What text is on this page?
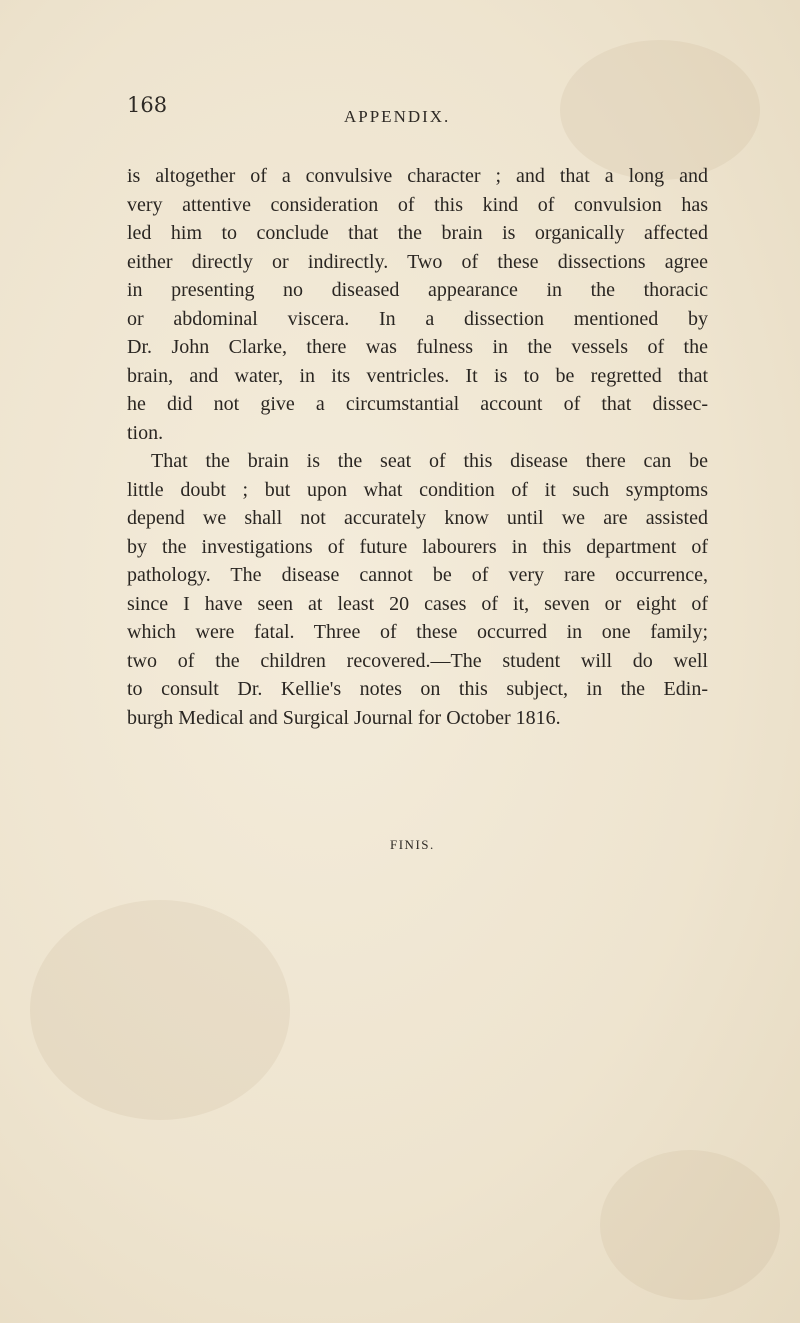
168	APPENDIX.
is altogether of a convulsive character ; and that a long and
very attentive consideration of this kind of convulsion has
led him to conclude that the brain is organically affected
either directly or indirectly. Two of these dissections agree
in presenting no diseased appearance in the thoracic
or abdominal viscera. In a dissection mentioned by
Dr. John Clarke, there was fulness in the vessels of the
brain, and water, in its ventricles. It is to be regretted that
he did not give a circumstantial account of that dissec-
tion.
That the brain is the seat of this disease there can be
little doubt ; but upon what condition of it such symptoms
depend we shall not accurately know until we are assisted
by the investigations of future labourers in this department of
pathology. The disease cannot be of very rare occurrence,
since I have seen at least 20 cases of it, seven or eight of
which were fatal. Three of these occurred in one family;
two of the children recovered.—The student will do well
to consult Dr. Kellie's notes on this subject, in the Edin-
burgh Medical and Surgical Journal for October 1816.
FINIS.
